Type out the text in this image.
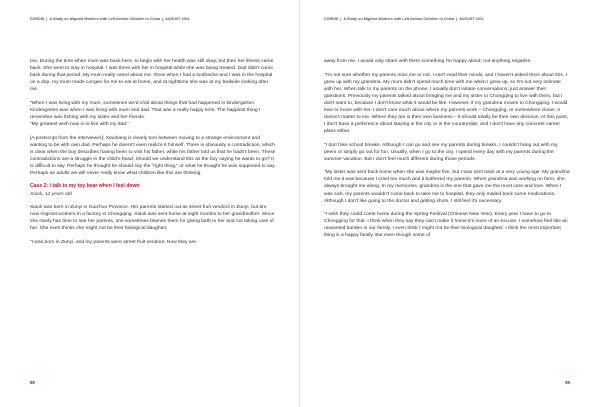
CORDIS | A Study on Migrant Workers with Left-behind Children in China | AUGUST 2011

me. During the time when mum was back here, to begin with her health was still okay, but then her illness came back. She went to stay in hospital. I was there with her in hospital while she was being treated. Dad didn't come back during that period. My mum really cared about me. Once when I had a toothache and I was in the hospital on a drip, my mum made congee for me to eat at home, and at nighttime she was at my bedside looking after me.

“When I was living with my mum, sometimes we'd chat about things that had happened in kindergarten. Kindergarten was when I was living with mum and dad. That was a really happy time. The happiest thing I remember was fishing with my sister and her friends.

“My greatest wish now is to live with my dad.”

[A postscript from the interviewer]: Xiaohang is clearly torn between moving to a strange environment and wanting to be with own dad. Perhaps he doesn't even realize it himself. There is obviously a contradiction, which is clear when the boy describes having been to visit his father, while his father told us that he hadn't been. These contradictions are a struggle in the child's head. Should we understand this as the boy saying he wants to go? It is difficult to say. Perhaps he thought he should say the “right thing,” or what he thought he was supposed to say. Perhaps as adults we will never really know what children like this are thinking.

Case 2: I talk to my toy bear when I feel down

Xiaoli, 12 years old

Xiaoli was born in Zunyi in Guizhou Province. Her parents started out as street fruit vendors in Zunyi, but are now migrant workers in a factory in Chongqing. Xiaoli was sent home at eight months to her grandmother. Since she rarely has time to see her parents, she sometimes blames them for giving birth to her and not taking care of her. She even thinks she might not be their biological daughter.

“I was born in Zunyi, and my parents were street fruit vendors. Now they are

88
CORDIS | A Study on Migrant Workers with Left-behind Children in China | AUGUST 2011

away from me. I would only share with them something I'm happy about; not anything negative.

“I'm not sure whether my parents miss me or not. I can't read their minds, and I haven't asked them about this. I grew up with my grandma. My mum didn't spend much time with me when I grew up, so I'm not very intimate with her. When talk to my parents on the phone, I usually don't initiate conversations; just answer their questions. Previously my parents talked about bringing me and my sister to Chongqing to live with them, but I don't want to, because I don't know what it would be like. However, if my grandma moves to Chongqing, I would love to move with her. I don't care much about where my parents work – Chongqing, or somewhere closer, it doesn't matter to me. Where they are is their own business – it should totally be their own decision. At this point, I don't have a preference about staying in the city or in the countryside, and I don't have any concrete career plans either.

“I don't like school breaks. Although I can go and see my parents during breaks, I couldn't hang out with my peers or simply go out for fun. Usually, when I go to the city, I spend every day with my parents during the summer vacation. But I don't feel much different during those periods.

“My sister was sent back home when she was maybe five, but I was sent back at a very young age. My grandma told me it was because I cried too much and it bothered my parents. When grandma was working on farm, she always brought me along. In my memories, grandma is the one that gave me the most care and love. When I was sick, my parents wouldn't come back to take me to hospital, they only mailed back some medications. Although I don't like going to the doctor and getting shots, I still feel it's necessary.

“I wish they could come home during the Spring Festival (Chinese New Year). Every year I have to go to Chongqing for that. I think when they say they can't make it home it's more of an excuse. I somehow feel like an unwanted burden in our family. I even think I might not be their biological daughter. I think the most important thing is a happy family. But even though some of

89
